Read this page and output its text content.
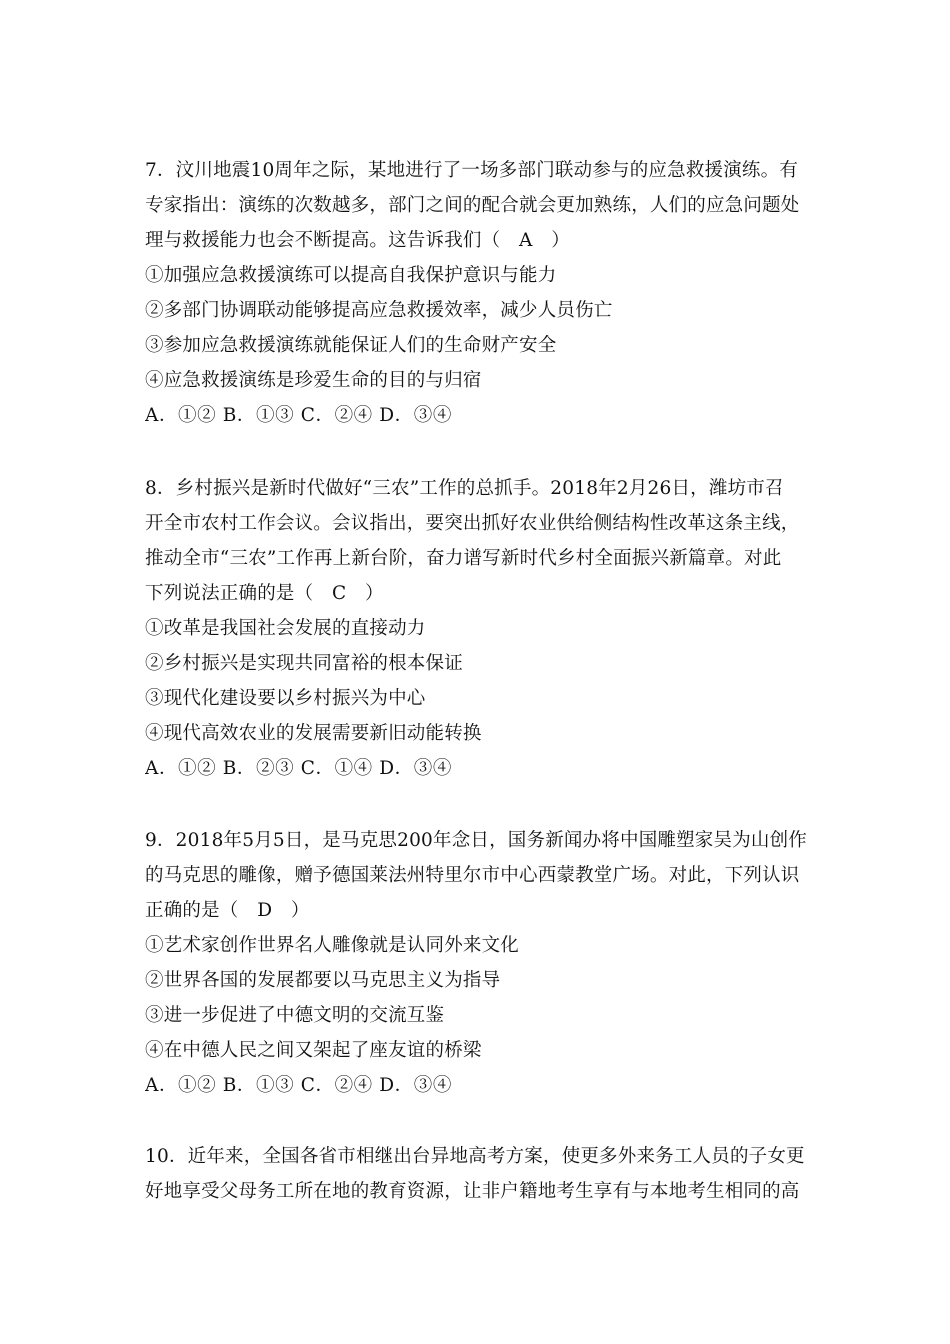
7．汶川地震10周年之际，某地进行了一场多部门联动参与的应急救援演练。有
专家指出：演练的次数越多，部门之间的配合就会更加熟练，人们的应急问题处
理与救援能力也会不断提高。这告诉我们（　A　）
①加强应急救援演练可以提高自我保护意识与能力
②多部门协调联动能够提高应急救援效率，减少人员伤亡
③参加应急救援演练就能保证人们的生命财产安全
④应急救援演练是珍爱生命的目的与归宿
A．①② B．①③ C．②④ D．③④
8．乡村振兴是新时代做好“三农”工作的总抓手。2018年2月26日，潍坊市召
开全市农村工作会议。会议指出，要突出抓好农业供给侧结构性改革这条主线，
推动全市“三农”工作再上新台阶，奋力谱写新时代乡村全面振兴新篇章。对此
下列说法正确的是（　C　）
①改革是我国社会发展的直接动力
②乡村振兴是实现共同富裕的根本保证
③现代化建设要以乡村振兴为中心
④现代高效农业的发展需要新旧动能转换
A．①② B．②③ C．①④ D．③④
9．2018年5月5日，是马克思200年念日，国务新闻办将中国雕塑家吴为山创作
的马克思的雕像，赠予德国莱法州特里尔市中心西蒙教堂广场。对此，下列认识
正确的是（　D　）
①艺术家创作世界名人雕像就是认同外来文化
②世界各国的发展都要以马克思主义为指导
③进一步促进了中德文明的交流互鉴
④在中德人民之间又架起了座友谊的桥梁
A．①② B．①③ C．②④ D．③④
10．近年来，全国各省市相继出台异地高考方案，使更多外来务工人员的子女更
好地享受父母务工所在地的教育资源，让非户籍地考生享有与本地考生相同的高
